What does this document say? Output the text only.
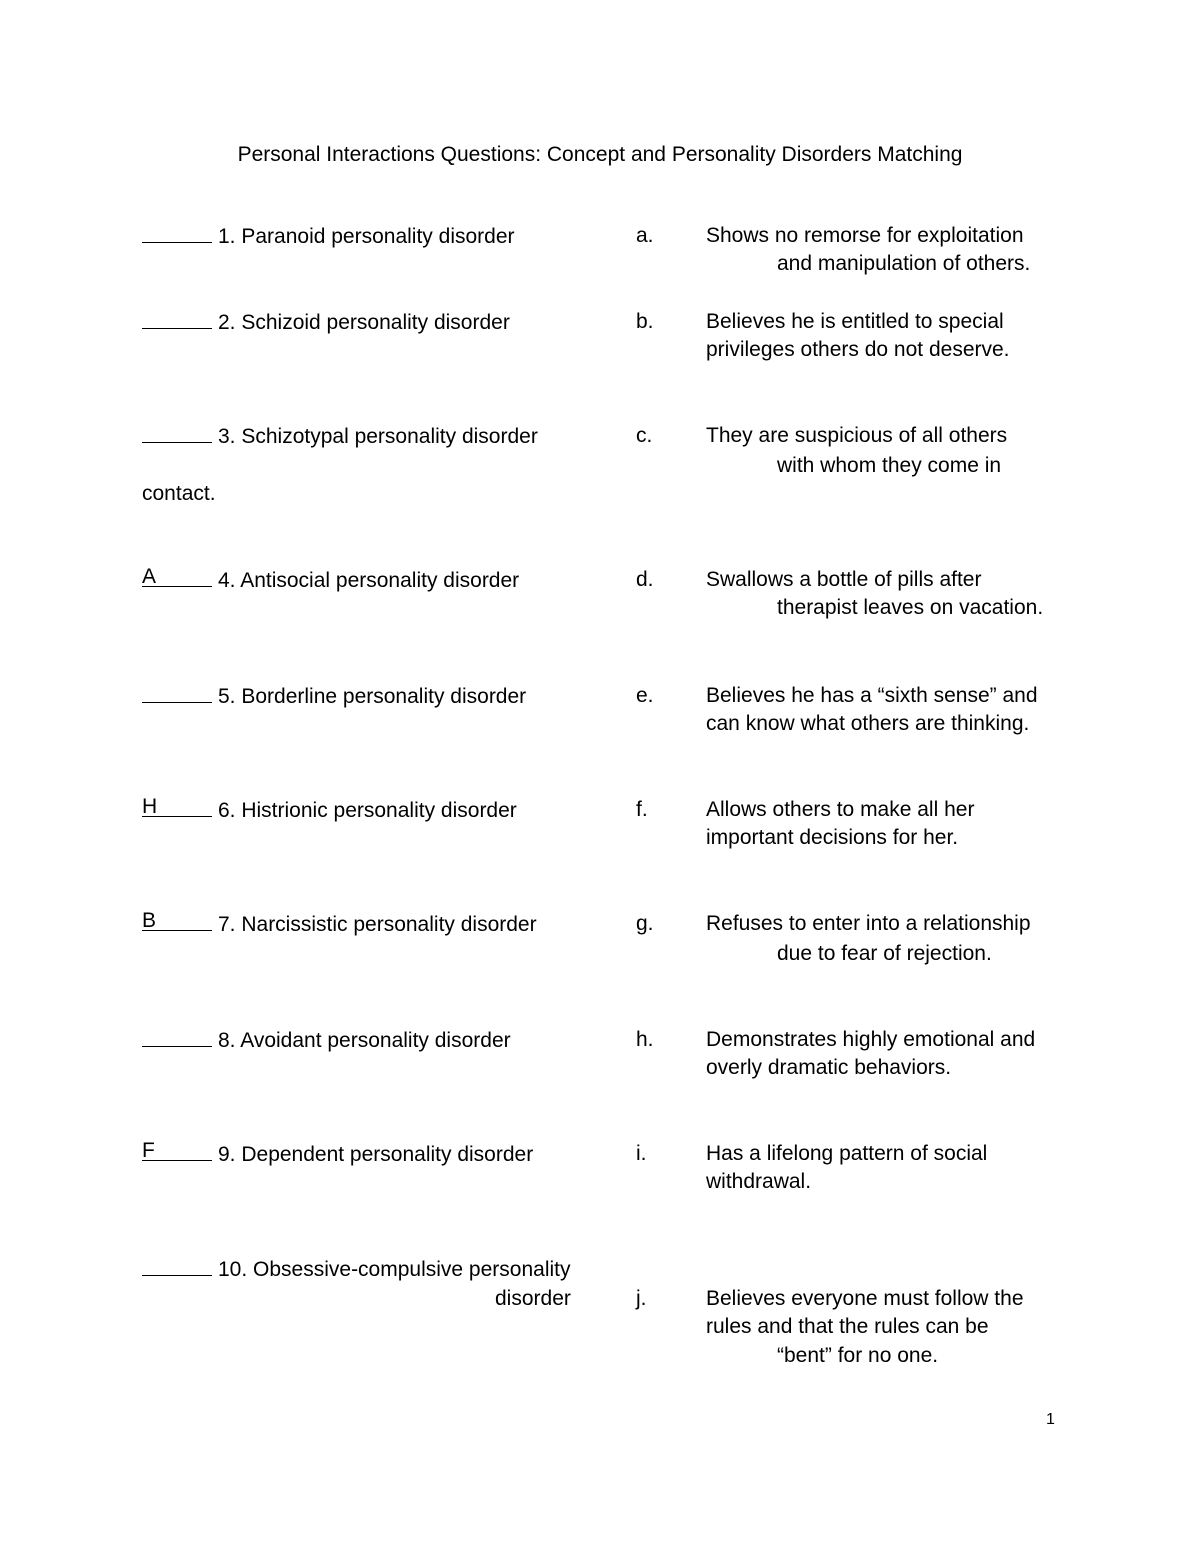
Personal Interactions Questions: Concept and Personality Disorders Matching
1. Paranoid personality disorder	a. Shows no remorse for exploitation
and manipulation of others.
2. Schizoid personality disorder	b. Believes he is entitled to special
privileges others do not deserve.
3. Schizotypal personality disorder	c.	They are suspicious of all others
with whom they come in
contact.
A	4. Antisocial personality disorder	d. Swallows a bottle of pills after
therapist leaves on vacation.
5. Borderline personality disorder	e. Believes he has a “sixth sense” and
can know what others are thinking.
H	6. Histrionic personality disorder	f.	Allows others to make all her
important decisions for her.
B	7. Narcissistic personality disorder	g. Refuses to enter into a relationship
due to fear of rejection.
8. Avoidant personality disorder	h. Demonstrates highly emotional and
overly dramatic behaviors.
F	9. Dependent personality disorder	i.	Has a lifelong pattern of social
withdrawal.
10. Obsessive-compulsive personality
disorder	j.	Believes everyone must follow the
rules and that the rules can be
“bent” for no one.
1
